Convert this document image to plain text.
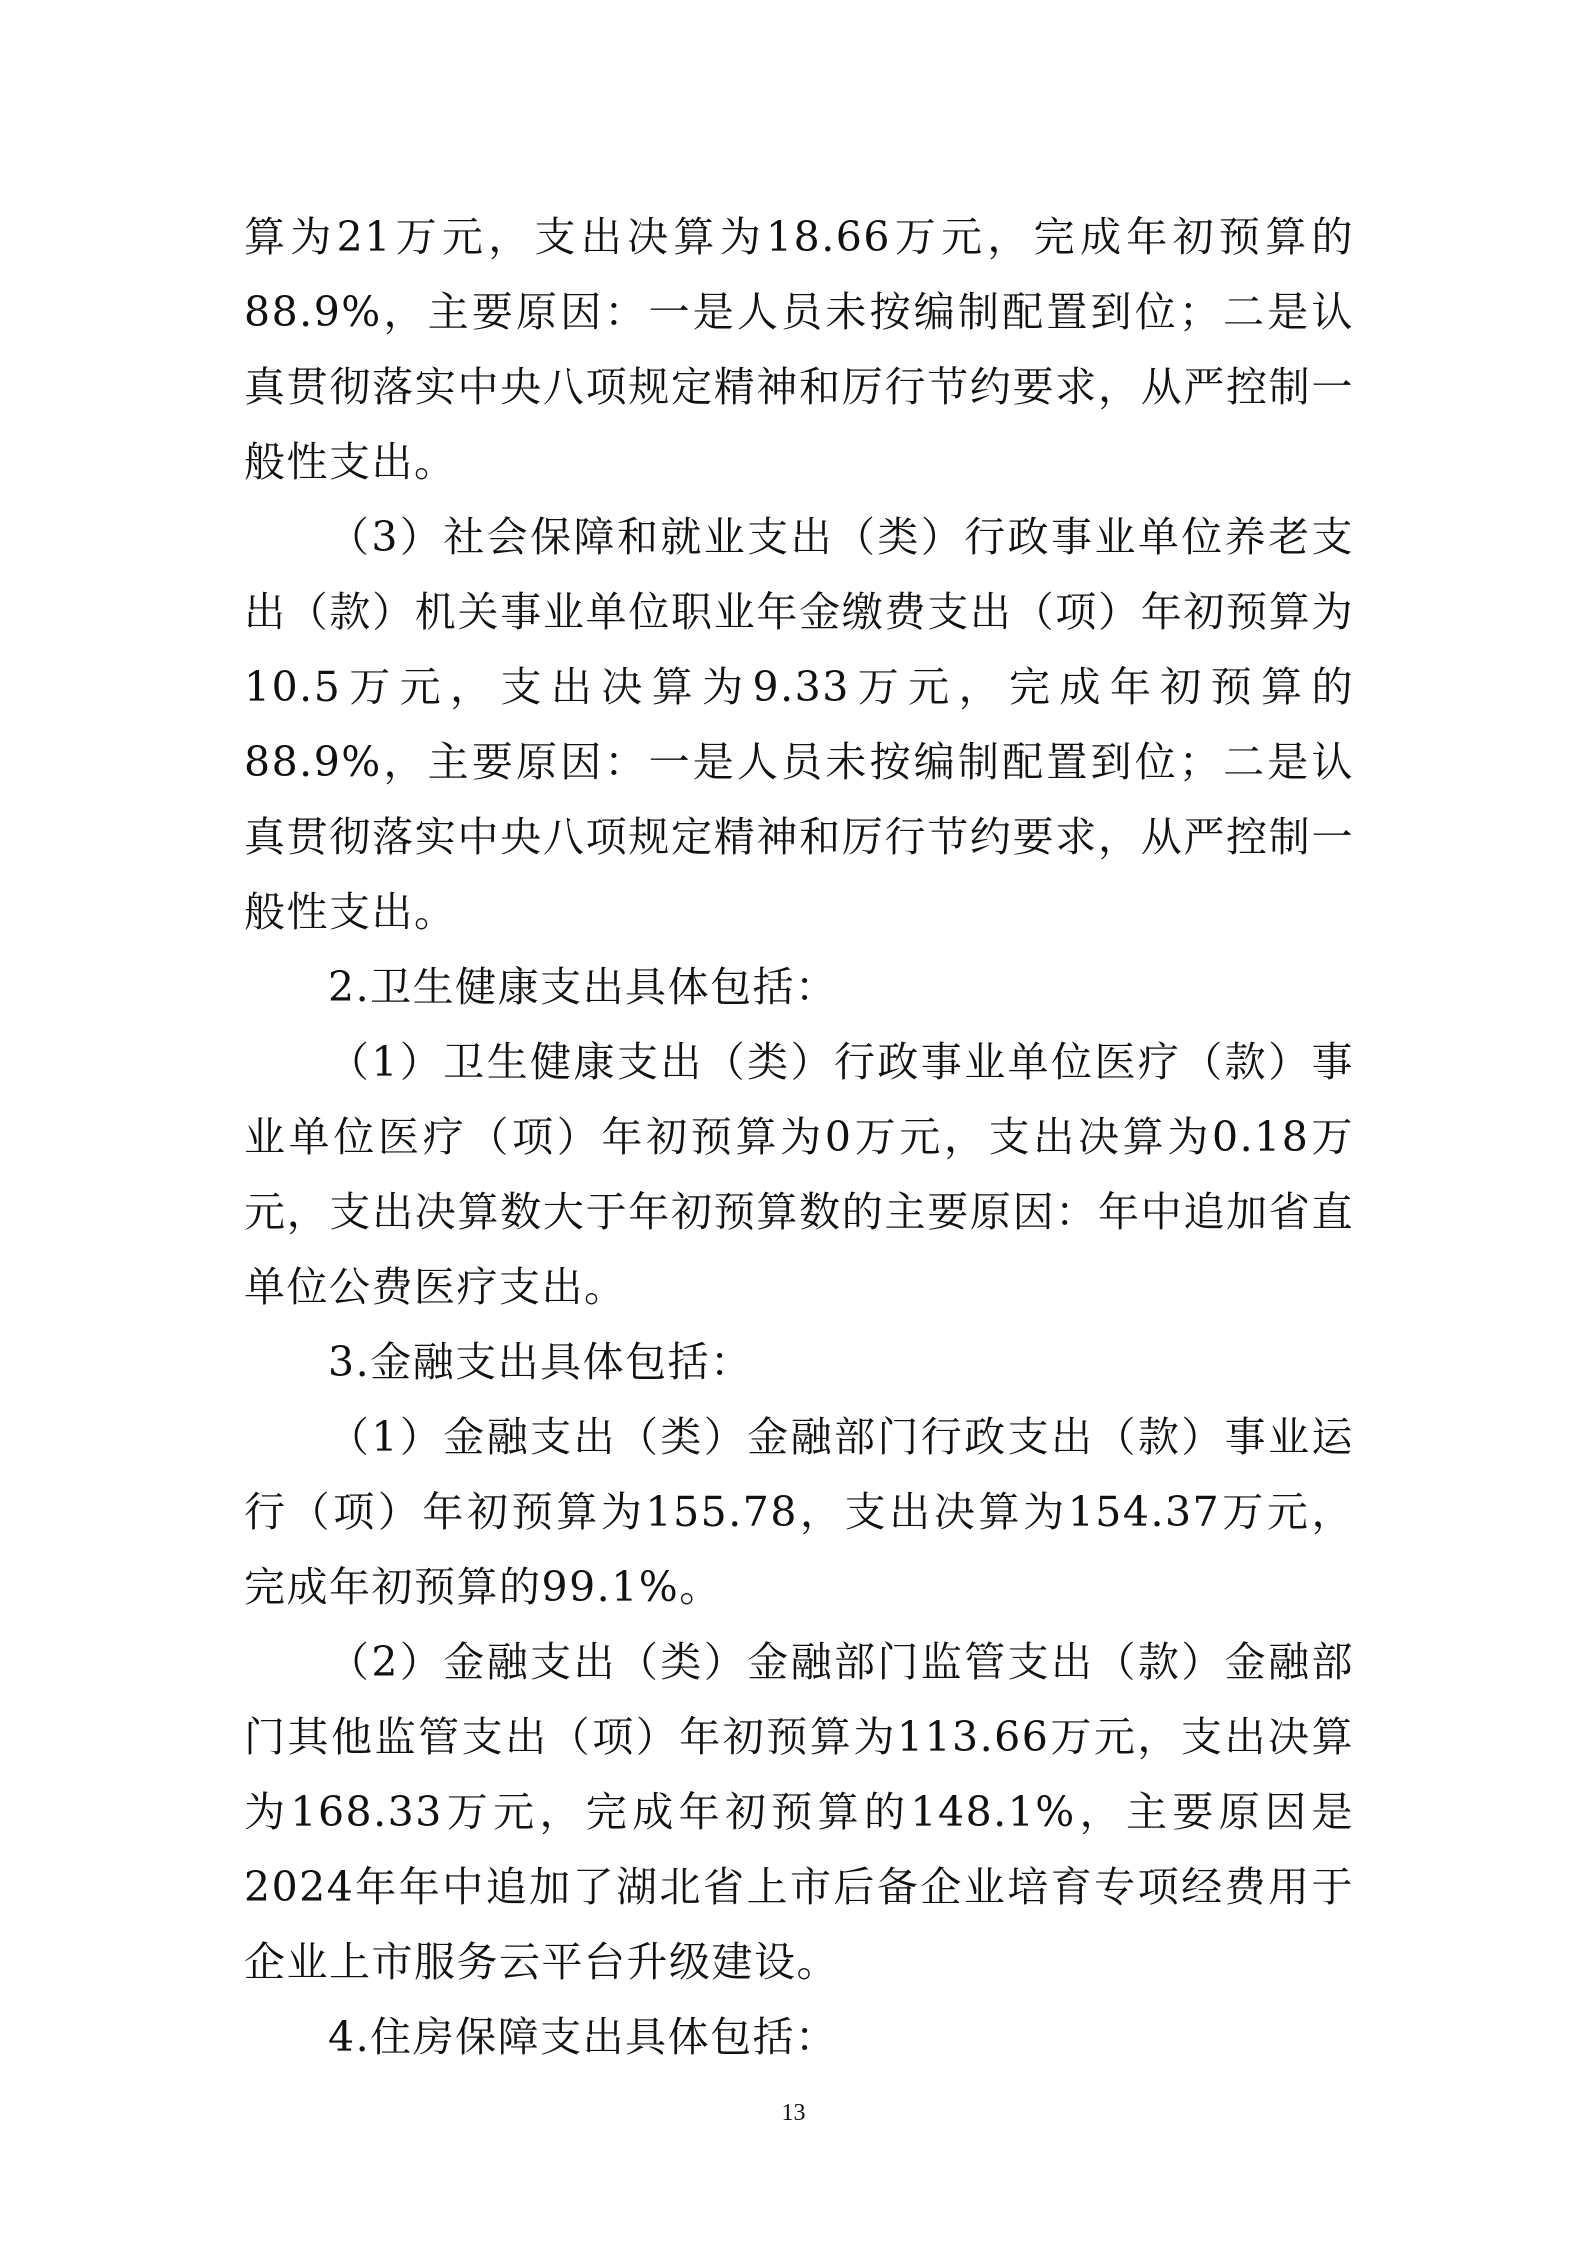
算为21万元，支出决算为18.66万元，完成年初预算的88.9%，主要原因：一是人员未按编制配置到位；二是认真贯彻落实中央八项规定精神和厉行节约要求，从严控制一般性支出。

（3）社会保障和就业支出（类）行政事业单位养老支出（款）机关事业单位职业年金缴费支出（项）年初预算为10.5万元，支出决算为9.33万元，完成年初预算的88.9%，主要原因：一是人员未按编制配置到位；二是认真贯彻落实中央八项规定精神和厉行节约要求，从严控制一般性支出。

2.卫生健康支出具体包括：

（1）卫生健康支出（类）行政事业单位医疗（款）事业单位医疗（项）年初预算为0万元，支出决算为0.18万元，支出决算数大于年初预算数的主要原因：年中追加省直单位公费医疗支出。

3.金融支出具体包括：

（1）金融支出（类）金融部门行政支出（款）事业运行（项）年初预算为155.78，支出决算为154.37万元，完成年初预算的99.1%。

（2）金融支出（类）金融部门监管支出（款）金融部门其他监管支出（项）年初预算为113.66万元，支出决算为168.33万元，完成年初预算的148.1%，主要原因是2024年年中追加了湖北省上市后备企业培育专项经费用于企业上市服务云平台升级建设。

4.住房保障支出具体包括：

13
